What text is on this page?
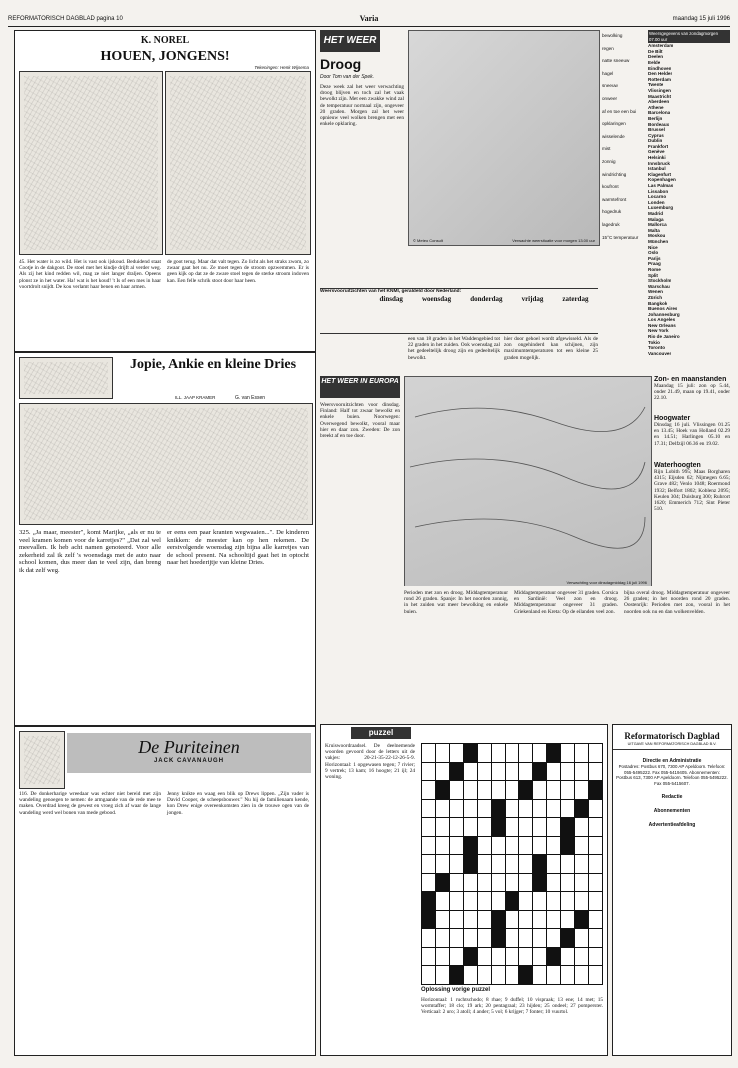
REFORMATORISCH DAGBLAD pagina 10	Varia	maandag 15 juli 1996
K. NOREL
HOUEN, JONGENS!
Tekeningen: Henk Wijsema
45. Het water is zo wild. Het is vast ook ijskoud. Beduidend staat Cootje in de dakgoot. De stoel met het kindje drijft al verder weg. Als zij het kind redden wil, mag ze niet langer draljen. Opeens plonst ze in het water. Ha! wat is het koud! 't Is of een mes in haar voortdrolt snijdt. De kou verlamt haar benen en haar armen.
de goot terug. Maar dat valt tegen. Zo licht als het straks zwom, zo zwaar gaat het nu. Ze moet tegen de stroom opzwemmen. Er is geen kijk op dat ze de zware stoel tegen de sterke stroom indoven kan. Een felle schrik stoot door haar heen.
Jopie, Ankie en kleine Dries
G. van Essen
ILL. JAAP KRAMER
325. „Ja maar, meester", komt Marijke, „als er nu te veel kramen komen voor de karretjes?" „Dat zal wel meevallen. Ik heb acht namen genoteerd. Voor alle zekerheid zal ik zelf 's woensdags met de auto naar school komen, dus meer dan te veel zijn, dan breng ik dat zelf weg.
er eens een paar kranten wegwaaien...". De kinderen knikken: de meester kan op hen rekenen. De eerstvolgende woensdag zijn bijna alle karretjes van de school present. Na schooltijd gaat het in optocht naar het hoederijtje van kleine Dries.
De Puriteinen
JACK CAVANAUGH
116. De donkerharige wreedaar was echter niet bereid met zijn wandeling genoegen te nemen: de armgaande van de rede mee te maken. Overdrad kreeg de gewest en vroeg zich af waar de lange wandeling werd wel bonen van mede gebood.
Jenny knikte en waag een blik op Drews lippen. „Zijn vader is David Cooper, de scheepsbouwer." Nu hij de familienaam kende, kon Drew enige overeenkomsten zien in de trouwe ogen van de jongen.
HET WEER
Droog
Door Tom van der Spek.
Deze week zal het weer verwachting droog blijven en toch zal het vaak bewolkt zijn. Met een zwakke wind zal de temperatuur normaal zijn, ongeveer 20 graden. Morgen zal het weer opnieuw veel wolken brengen met een enkele opklaring.
© Meteo Consult	Verwachte weersituatie voor morgen 13.00 uur
Weersvooruitzichten van het KNMI, geraldeld door Nederland:
dinsdag	woensdag	donderdag	vrijdag	zaterdag
een van 18 graden in het Waddengebied tot 22 graden in het zuiden. Ook woensdag zal het gedeeltelijk droog zijn en gedeeltelijk bewolkt.
hier door gehoel wordt afgewisseld. Als de zon ongehinderd kan schijnen, zijn maximumtemperaturen tot een kleine 25 graden mogelijk.
bewolking
regen
natte sneeuw
hagel
sneeuw
onweer
af en toe een bui
opklaringen
wisselende
mist
zonnig
windrichting
koufront
warmtefront
hogedruk
lagedruk
15°C temperatuur
Weersgegevens van zondagmorgen 07.00 uur
Amsterdam
De Bilt
Deelen
Eelde
Eindhoven
Den Helder
Rotterdam
Twente
Vlissingen
Maastricht
Aberdeen
Athene
Barcelona
Berlijn
Bordeaux
Brussel
Cyprus
Dublin
Frankfort
Genève
Helsinki
Innsbruck
Istanbul
Klagenfurt
Kopenhagen
Las Palmas
Lissabon
Locarno
Londen
Luxemburg
Madrid
Malaga
Mallorca
Malta
Moskou
München
Nice
Oslo
Parijs
Praag
Rome
Split
Stockholm
Warschau
Wenen
Zürich
Bangkok
Buenos Aires
Johannesburg
Los Angeles
New Orleans
New York
Rio de Janeiro
Tokio
Toronto
Vancouver
HET WEER IN EUROPA
Weersvooruitzichten voor dinsdag. Finland: Half tot zwaar bewolkt en enkele buien. Noorwegen: Overwegend bewolkt, vooral maar hier en daar zon. Zweden: De zon breekt af en toe door.
Verwachting voor dinsdagmiddag 16 juli 1996
Zon- en maanstanden
Maandag 15 juli: zon op 5.44, onder 21.49, maan op 19.41, onder 22.10.
Hoogwater
Dinsdag 16 juli. Vlissingen 01.25 en 13.45; Hoek van Holland 02.29 en 14.51; Harlingen 05.10 en 17.31; Delfzijl 06.36 en 19.02.
Waterhoogten
Rijn Lobith 995; Maas Borgharen 4315; Eijsden 62; Nijmegen 6.65; Grave 482; Venlo 1048; Roermond 1932; Belfort 1802; Koblenz 2095; Keulen 304; Duisburg 300; Ruhrort 1620; Emmerich 712; Sint Pieter 510.
Perioden met zon en droog. Middagtemperatuur rond 26 graden. Spanje: In het noorden zonnig, in het zuiden wat meer bewolking en enkele buien.
Middagtemperatuur ongeveer 31 graden. Corsica en Sardinië: Veel zon en droog. Middagtemperatuur ongeveer 31 graden. Griekenland en Kreta: Op de eilanden veel zon.
bijna overal droog. Middagtemperatuur ongeveer 26 graden; in het noorden rond 20 graden. Oostenrijk: Perioden met zon, vooral in het noorden ook nu en dan wolkenvelden.
puzzel
Kruiswoordraadsel. De deelnemende woorden gevoord door de letters uit de vakjes: 20-21-35-22-12-26-5-9. Horizontaal: 1 opgewasen tegen; 7 rivier; 9 vertrek; 13 kam; 16 hoogte; 21 ijl; 24 woning.
Oplossing vorige puzzel
Horizontaal: 1 ruchtschodo; 8 rhae; 9 duffel; 10 vispraak; 13 ene; 14 met; 15 wormtaffer; 18 clo; 19 ark; 20 pentagraal; 23 hijden; 25 ondeel; 27 pomperster. Verticaal: 2 uro; 3 atoll; 4 ander; 5 vol; 6 krijger; 7 fonter; 10 vuurtol.
Reformatorisch Dagblad
UITGAVE VAN REFORMATORISCH DAGBLAD B.V.
Directie en Administratie
Postadres: Postbus 670, 7300 AP Apeldoorn. Telefoon: 055-5495222. Fax 055-5419405. Abonnementen: Postbus 613, 7300 AP Apeldoorn. Telefoon 055-5495222. Fax 055-5415607.
Redactie
Abonnementen
Advertentieafdeling
